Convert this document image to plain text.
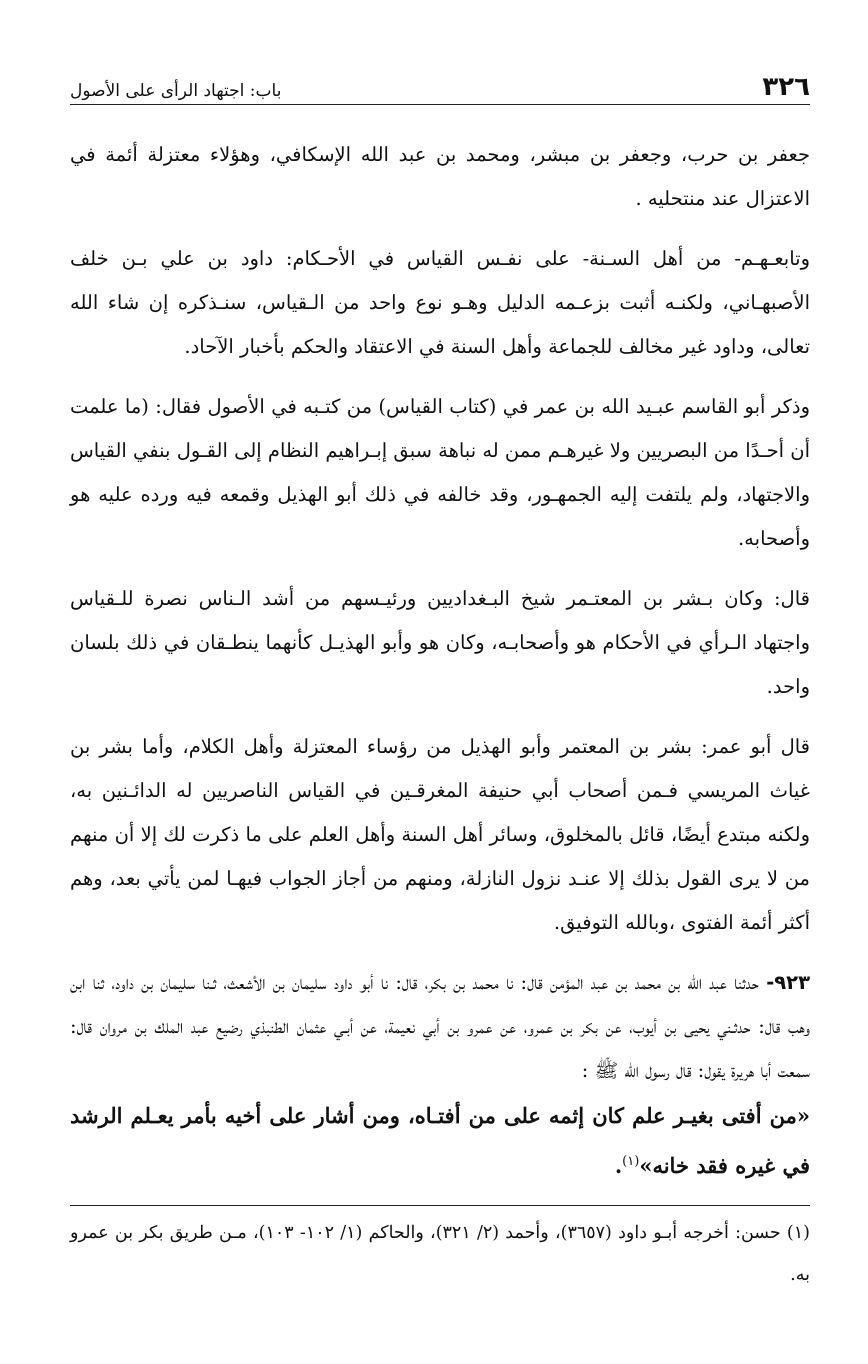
٣٢٦
باب: اجتهاد الرأى على الأصول

جعفر بن حرب، وجعفر بن مبشر، ومحمد بن عبد الله الإسكافي، وهؤلاء معتزلة أئمة في الاعتزال عند منتحليه .

وتابعـهـم- من أهل السـنة- على نفـس القياس في الأحـكام: داود بن علي بـن خلف الأصبهـاني، ولكنـه أثبت بزعـمه الدليل وهـو نوع واحد من الـقياس، سنـذكره إن شاء الله تعالى، وداود غير مخالف للجماعة وأهل السنة في الاعتقاد والحكم بأخبار الآحاد.

وذكر أبو القاسم عبـيد الله بن عمر في (كتاب القياس) من كتـبه في الأصول فقال: (ما علمت أن أحـدًا من البصريين ولا غيرهـم ممن له نباهة سبق إبـراهيم النظام إلى القـول بنفي القياس والاجتهاد، ولم يلتفت إليه الجمهـور، وقد خالفه في ذلك أبو الهذيل وقمعه فيه ورده عليه هو وأصحابه.

قال: وكان بـشر بن المعتـمر شيخ البـغداديين ورئيـسهم من أشد الـناس نصرة للـقياس واجتهاد الـرأي في الأحكام هو وأصحابـه، وكان هو وأبو الهذيـل كأنهما ينطـقان في ذلك بلسان واحد.

قال أبو عمر: بشر بن المعتمر وأبو الهذيل من رؤساء المعتزلة وأهل الكلام، وأما بشر بن غياث المريسي فـمن أصحاب أبي حنيفة المغرقـين في القياس الناصريين له الدائـنين به، ولكنه مبتدع أيضًا، قائل بالمخلوق، وسائر أهل السنة وأهل العلم على ما ذكرت لك إلا أن منهم من لا يرى القول بذلك إلا عنـد نزول النازلة، ومنهم من أجاز الجواب فيهـا لمن يأتي بعد، وهم أكثر أئمة الفتوى ،وبالله التوفيق.

٩٢٣- حدثنا عبد الله بن محمد بن عبد المؤمن قال: نا محمد بن بكر، قال: نا أبو داود سليمان بن الأشعث، ثـنا سليمان بن داود، ثنا ابن وهب قال: حدثـني يحيى بن أيوب، عن بكر بن عمرو، عن عمرو بن أبي نعيمة، عن أبـي عثمان الطنبذي رضيع عبد الملك بن مروان قال: سمعت أبا هريرة يقول: قال رسول الله ﷺ :

«من أفتى بغيـر علم كان إثمه على من أفتـاه، ومن أشار على أخيه بأمر يعـلم الرشد في غيره فقد خانه»$^{(١)}$.

(١) حسن: أخرجه أبـو داود (٣٦٥٧)، وأحمد (٢/ ٣٢١)، والحاكم (١/ ١٠٢- ١٠٣)، مـن طريق بكر بن عمرو به.
